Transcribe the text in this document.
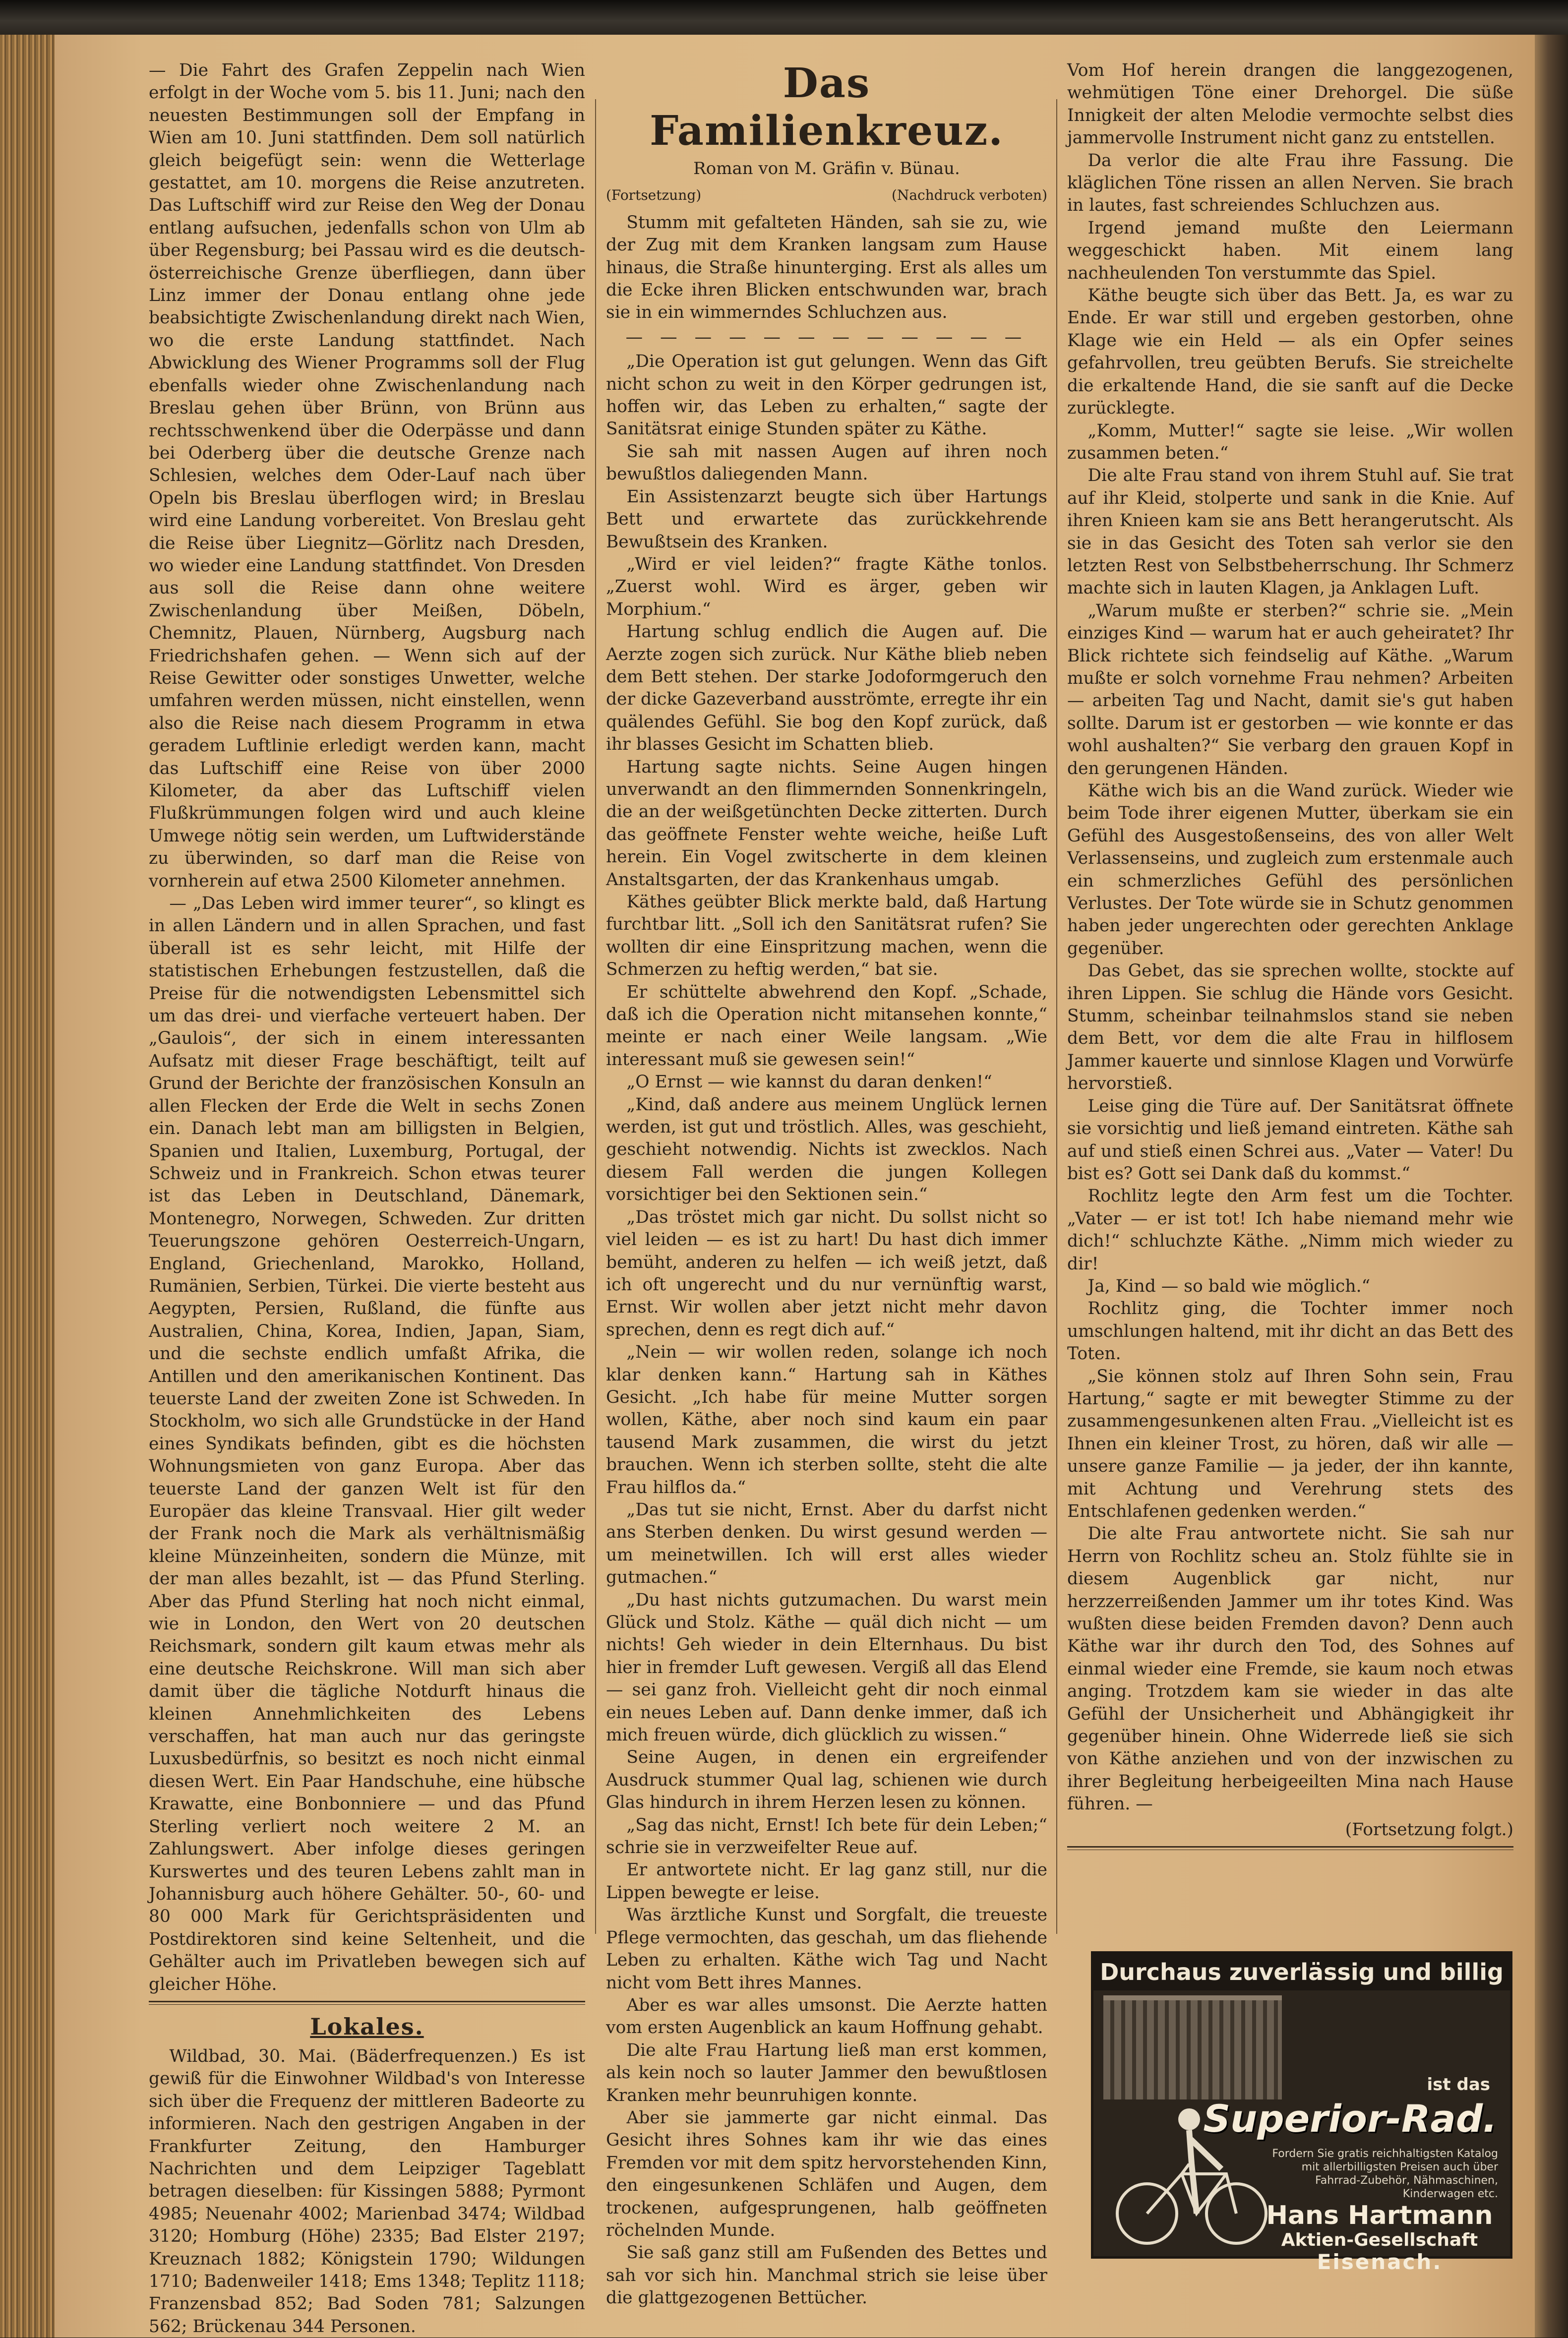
— Die Fahrt des Grafen Zeppelin nach Wien erfolgt in der Woche vom 5. bis 11. Juni; nach den neuesten Bestimmungen soll der Empfang in Wien am 10. Juni stattfinden. Dem soll natürlich gleich beigefügt sein: wenn die Wetterlage gestattet, am 10. morgens die Reise anzutreten. Das Luftschiff wird zur Reise den Weg der Donau entlang aufsuchen, jedenfalls schon von Ulm ab über Regensburg; bei Passau wird es die deutsch-österreichische Grenze überfliegen, dann über Linz immer der Donau entlang ohne jede beabsichtigte Zwischenlandung direkt nach Wien, wo die erste Landung stattfindet. Nach Abwicklung des Wiener Programms soll der Flug ebenfalls wieder ohne Zwischenlandung nach Breslau gehen über Brünn, von Brünn aus rechtsschwenkend über die Oderpässe und dann bei Oderberg über die deutsche Grenze nach Schlesien, welches dem Oder-Lauf nach über Opeln bis Breslau überflogen wird; in Breslau wird eine Landung vorbereitet. Von Breslau geht die Reise über Liegnitz—Görlitz nach Dresden, wo wieder eine Landung stattfindet. Von Dresden aus soll die Reise dann ohne weitere Zwischenlandung über Meißen, Döbeln, Chemnitz, Plauen, Nürnberg, Augsburg nach Friedrichshafen gehen. — Wenn sich auf der Reise Gewitter oder sonstiges Unwetter, welche umfahren werden müssen, nicht einstellen, wenn also die Reise nach diesem Programm in etwa geradem Luftlinie erledigt werden kann, macht das Luftschiff eine Reise von über 2000 Kilometer, da aber das Luftschiff vielen Flußkrümmungen folgen wird und auch kleine Umwege nötig sein werden, um Luftwiderstände zu überwinden, so darf man die Reise von vornherein auf etwa 2500 Kilometer annehmen.

— „Das Leben wird immer teurer“, so klingt es in allen Ländern und in allen Sprachen, und fast überall ist es sehr leicht, mit Hilfe der statistischen Erhebungen festzustellen, daß die Preise für die notwendigsten Lebensmittel sich um das drei- und vierfache verteuert haben. Der „Gaulois“, der sich in einem interessanten Aufsatz mit dieser Frage beschäftigt, teilt auf Grund der Berichte der französischen Konsuln an allen Flecken der Erde die Welt in sechs Zonen ein. Danach lebt man am billigsten in Belgien, Spanien und Italien, Luxemburg, Portugal, der Schweiz und in Frankreich. Schon etwas teurer ist das Leben in Deutschland, Dänemark, Montenegro, Norwegen, Schweden. Zur dritten Teuerungszone gehören Oesterreich-Ungarn, England, Griechenland, Marokko, Holland, Rumänien, Serbien, Türkei. Die vierte besteht aus Aegypten, Persien, Rußland, die fünfte aus Australien, China, Korea, Indien, Japan, Siam, und die sechste endlich umfaßt Afrika, die Antillen und den amerikanischen Kontinent. Das teuerste Land der zweiten Zone ist Schweden. In Stockholm, wo sich alle Grundstücke in der Hand eines Syndikats befinden, gibt es die höchsten Wohnungsmieten von ganz Europa. Aber das teuerste Land der ganzen Welt ist für den Europäer das kleine Transvaal. Hier gilt weder der Frank noch die Mark als verhältnismäßig kleine Münzeinheiten, sondern die Münze, mit der man alles bezahlt, ist — das Pfund Sterling. Aber das Pfund Sterling hat noch nicht einmal, wie in London, den Wert von 20 deutschen Reichsmark, sondern gilt kaum etwas mehr als eine deutsche Reichskrone. Will man sich aber damit über die tägliche Notdurft hinaus die kleinen Annehmlichkeiten des Lebens verschaffen, hat man auch nur das geringste Luxusbedürfnis, so besitzt es noch nicht einmal diesen Wert. Ein Paar Handschuhe, eine hübsche Krawatte, eine Bonbonniere — und das Pfund Sterling verliert noch weitere 2 M. an Zahlungswert. Aber infolge dieses geringen Kurswertes und des teuren Lebens zahlt man in Johannisburg auch höhere Gehälter. 50-, 60- und 80 000 Mark für Gerichtspräsidenten und Postdirektoren sind keine Seltenheit, und die Gehälter auch im Privatleben bewegen sich auf gleicher Höhe.

Lokales.

Wildbad, 30. Mai. (Bäderfrequenzen.) Es ist gewiß für die Einwohner Wildbad's von Interesse sich über die Frequenz der mittleren Badeorte zu informieren. Nach den gestrigen Angaben in der Frankfurter Zeitung, den Hamburger Nachrichten und dem Leipziger Tageblatt betragen dieselben: für Kissingen 5888; Pyrmont 4985; Neuenahr 4002; Marienbad 3474; Wildbad 3120; Homburg (Höhe) 2335; Bad Elster 2197; Kreuznach 1882; Königstein 1790; Wildungen 1710; Badenweiler 1418; Ems 1348; Teplitz 1118; Franzensbad 852; Bad Soden 781; Salzungen 562; Brückenau 344 Personen.

Das Familienkreuz.
Roman von M. Gräfin v. Bünau.
(Fortsetzung)	(Nachdruck verboten)

Stumm mit gefalteten Händen, sah sie zu, wie der Zug mit dem Kranken langsam zum Hause hinaus, die Straße hinunterging. Erst als alles um die Ecke ihren Blicken entschwunden war, brach sie in ein wimmerndes Schluchzen aus.

— — — — — — — — — — — —

„Die Operation ist gut gelungen. Wenn das Gift nicht schon zu weit in den Körper gedrungen ist, hoffen wir, das Leben zu erhalten,“ sagte der Sanitätsrat einige Stunden später zu Käthe.

Sie sah mit nassen Augen auf ihren noch bewußtlos daliegenden Mann.

Ein Assistenzarzt beugte sich über Hartungs Bett und erwartete das zurückkehrende Bewußtsein des Kranken.

„Wird er viel leiden?“ fragte Käthe tonlos. „Zuerst wohl. Wird es ärger, geben wir Morphium.“

Hartung schlug endlich die Augen auf. Die Aerzte zogen sich zurück. Nur Käthe blieb neben dem Bett stehen. Der starke Jodoformgeruch den der dicke Gazeverband ausströmte, erregte ihr ein quälendes Gefühl. Sie bog den Kopf zurück, daß ihr blasses Gesicht im Schatten blieb.

Hartung sagte nichts. Seine Augen hingen unverwandt an den flimmernden Sonnenkringeln, die an der weißgetünchten Decke zitterten. Durch das geöffnete Fenster wehte weiche, heiße Luft herein. Ein Vogel zwitscherte in dem kleinen Anstaltsgarten, der das Krankenhaus umgab.

Käthes geübter Blick merkte bald, daß Hartung furchtbar litt. „Soll ich den Sanitätsrat rufen? Sie wollten dir eine Einspritzung machen, wenn die Schmerzen zu heftig werden,“ bat sie.

Er schüttelte abwehrend den Kopf. „Schade, daß ich die Operation nicht mitansehen konnte,“ meinte er nach einer Weile langsam. „Wie interessant muß sie gewesen sein!“

„O Ernst — wie kannst du daran denken!“

„Kind, daß andere aus meinem Unglück lernen werden, ist gut und tröstlich. Alles, was geschieht, geschieht notwendig. Nichts ist zwecklos. Nach diesem Fall werden die jungen Kollegen vorsichtiger bei den Sektionen sein.“

„Das tröstet mich gar nicht. Du sollst nicht so viel leiden — es ist zu hart! Du hast dich immer bemüht, anderen zu helfen — ich weiß jetzt, daß ich oft ungerecht und du nur vernünftig warst, Ernst. Wir wollen aber jetzt nicht mehr davon sprechen, denn es regt dich auf.“

„Nein — wir wollen reden, solange ich noch klar denken kann.“ Hartung sah in Käthes Gesicht. „Ich habe für meine Mutter sorgen wollen, Käthe, aber noch sind kaum ein paar tausend Mark zusammen, die wirst du jetzt brauchen. Wenn ich sterben sollte, steht die alte Frau hilflos da.“

„Das tut sie nicht, Ernst. Aber du darfst nicht ans Sterben denken. Du wirst gesund werden — um meinetwillen. Ich will erst alles wieder gutmachen.“

„Du hast nichts gutzumachen. Du warst mein Glück und Stolz. Käthe — quäl dich nicht — um nichts! Geh wieder in dein Elternhaus. Du bist hier in fremder Luft gewesen. Vergiß all das Elend — sei ganz froh. Vielleicht geht dir noch einmal ein neues Leben auf. Dann denke immer, daß ich mich freuen würde, dich glücklich zu wissen.“

Seine Augen, in denen ein ergreifender Ausdruck stummer Qual lag, schienen wie durch Glas hindurch in ihrem Herzen lesen zu können.

„Sag das nicht, Ernst! Ich bete für dein Leben;“ schrie sie in verzweifelter Reue auf.

Er antwortete nicht. Er lag ganz still, nur die Lippen bewegte er leise.

Was ärztliche Kunst und Sorgfalt, die treueste Pflege vermochten, das geschah, um das fliehende Leben zu erhalten. Käthe wich Tag und Nacht nicht vom Bett ihres Mannes.

Aber es war alles umsonst. Die Aerzte hatten vom ersten Augenblick an kaum Hoffnung gehabt.

Die alte Frau Hartung ließ man erst kommen, als kein noch so lauter Jammer den bewußtlosen Kranken mehr beunruhigen konnte.

Aber sie jammerte gar nicht einmal. Das Gesicht ihres Sohnes kam ihr wie das eines Fremden vor mit dem spitz hervorstehenden Kinn, den eingesunkenen Schläfen und Augen, dem trockenen, aufgesprungenen, halb geöffneten röchelnden Munde.

Sie saß ganz still am Fußenden des Bettes und sah vor sich hin. Manchmal strich sie leise über die glattgezogenen Bettücher.

Vom Hof herein drangen die langgezogenen, wehmütigen Töne einer Drehorgel. Die süße Innigkeit der alten Melodie vermochte selbst dies jammervolle Instrument nicht ganz zu entstellen.

Da verlor die alte Frau ihre Fassung. Die kläglichen Töne rissen an allen Nerven. Sie brach in lautes, fast schreiendes Schluchzen aus.

Irgend jemand mußte den Leiermann weggeschickt haben. Mit einem lang nachheulenden Ton verstummte das Spiel.

Käthe beugte sich über das Bett. Ja, es war zu Ende. Er war still und ergeben gestorben, ohne Klage wie ein Held — als ein Opfer seines gefahrvollen, treu geübten Berufs. Sie streichelte die erkaltende Hand, die sie sanft auf die Decke zurücklegte.

„Komm, Mutter!“ sagte sie leise. „Wir wollen zusammen beten.“

Die alte Frau stand von ihrem Stuhl auf. Sie trat auf ihr Kleid, stolperte und sank in die Knie. Auf ihren Knieen kam sie ans Bett herangerutscht. Als sie in das Gesicht des Toten sah verlor sie den letzten Rest von Selbstbeherrschung. Ihr Schmerz machte sich in lauten Klagen, ja Anklagen Luft.

„Warum mußte er sterben?“ schrie sie. „Mein einziges Kind — warum hat er auch geheiratet? Ihr Blick richtete sich feindselig auf Käthe. „Warum mußte er solch vornehme Frau nehmen? Arbeiten — arbeiten Tag und Nacht, damit sie's gut haben sollte. Darum ist er gestorben — wie konnte er das wohl aushalten?“ Sie verbarg den grauen Kopf in den gerungenen Händen.

Käthe wich bis an die Wand zurück. Wieder wie beim Tode ihrer eigenen Mutter, überkam sie ein Gefühl des Ausgestoßenseins, des von aller Welt Verlassenseins, und zugleich zum erstenmale auch ein schmerzliches Gefühl des persönlichen Verlustes. Der Tote würde sie in Schutz genommen haben jeder ungerechten oder gerechten Anklage gegenüber.

Das Gebet, das sie sprechen wollte, stockte auf ihren Lippen. Sie schlug die Hände vors Gesicht. Stumm, scheinbar teilnahmslos stand sie neben dem Bett, vor dem die alte Frau in hilflosem Jammer kauerte und sinnlose Klagen und Vorwürfe hervorstieß.

Leise ging die Türe auf. Der Sanitätsrat öffnete sie vorsichtig und ließ jemand eintreten. Käthe sah auf und stieß einen Schrei aus. „Vater — Vater! Du bist es? Gott sei Dank daß du kommst.“

Rochlitz legte den Arm fest um die Tochter. „Vater — er ist tot! Ich habe niemand mehr wie dich!“ schluchzte Käthe. „Nimm mich wieder zu dir!

Ja, Kind — so bald wie möglich.“

Rochlitz ging, die Tochter immer noch umschlungen haltend, mit ihr dicht an das Bett des Toten.

„Sie können stolz auf Ihren Sohn sein, Frau Hartung,“ sagte er mit bewegter Stimme zu der zusammengesunkenen alten Frau. „Vielleicht ist es Ihnen ein kleiner Trost, zu hören, daß wir alle — unsere ganze Familie — ja jeder, der ihn kannte, mit Achtung und Verehrung stets des Entschlafenen gedenken werden.“

Die alte Frau antwortete nicht. Sie sah nur Herrn von Rochlitz scheu an. Stolz fühlte sie in diesem Augenblick gar nicht, nur herzzerreißenden Jammer um ihr totes Kind. Was wußten diese beiden Fremden davon? Denn auch Käthe war ihr durch den Tod, des Sohnes auf einmal wieder eine Fremde, sie kaum noch etwas anging. Trotzdem kam sie wieder in das alte Gefühl der Unsicherheit und Abhängigkeit ihr gegenüber hinein. Ohne Widerrede ließ sie sich von Käthe anziehen und von der inzwischen zu ihrer Begleitung herbeigeeilten Mina nach Hause führen. —

(Fortsetzung folgt.)
Durchaus zuverlässig und billig
ist das
Superior-Rad.
Fordern Sie gratis reichhaltigsten Katalog mit allerbilligsten Preisen auch über Fahrrad-Zubehör, Nähmaschinen, Kinderwagen etc.
Hans Hartmann
Aktien-Gesellschaft
Eisenach.
